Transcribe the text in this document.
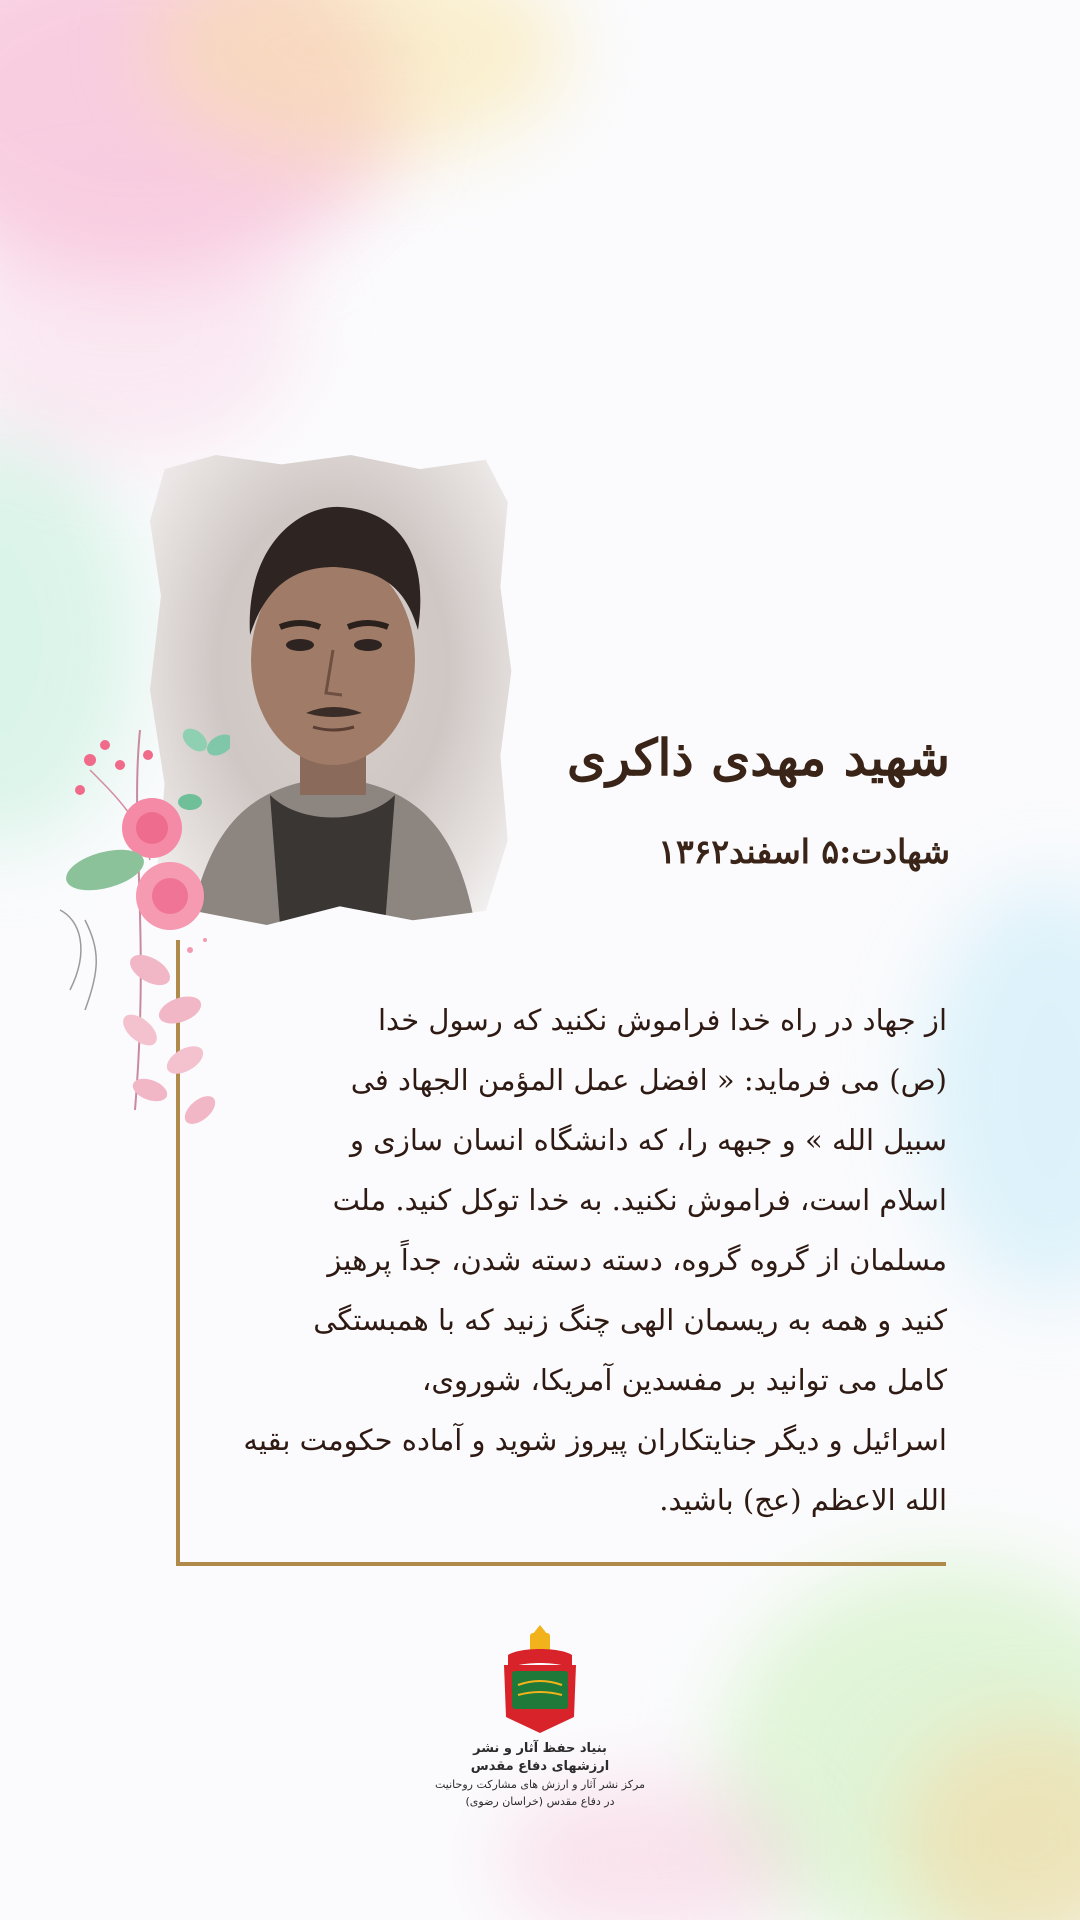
شهید مهدی ذاکری
شهادت:۵ اسفند۱۳۶۲
از جهاد در راه خدا فراموش نکنید که رسول خدا
(ص) می فرماید: « افضل عمل المؤمن الجهاد فی
سبیل الله » و جبهه را، که دانشگاه انسان سازی و
اسلام است، فراموش نکنید. به خدا توکل کنید. ملت
مسلمان از گروه گروه، دسته دسته شدن، جداً پرهیز
کنید و همه به ریسمان الهی چنگ زنید که با همبستگی
کامل می توانید بر مفسدین آمریکا، شوروی،
اسرائیل و دیگر جنایتکاران پیروز شوید و آماده حکومت بقیه
الله الاعظم (عج) باشید.

بنیاد حفظ آثار و نشر

ارزشهای دفاع مقدس

مرکز نشر آثار و ارزش های مشارکت روحانیت

در دفاع مقدس (خراسان رضوی)
